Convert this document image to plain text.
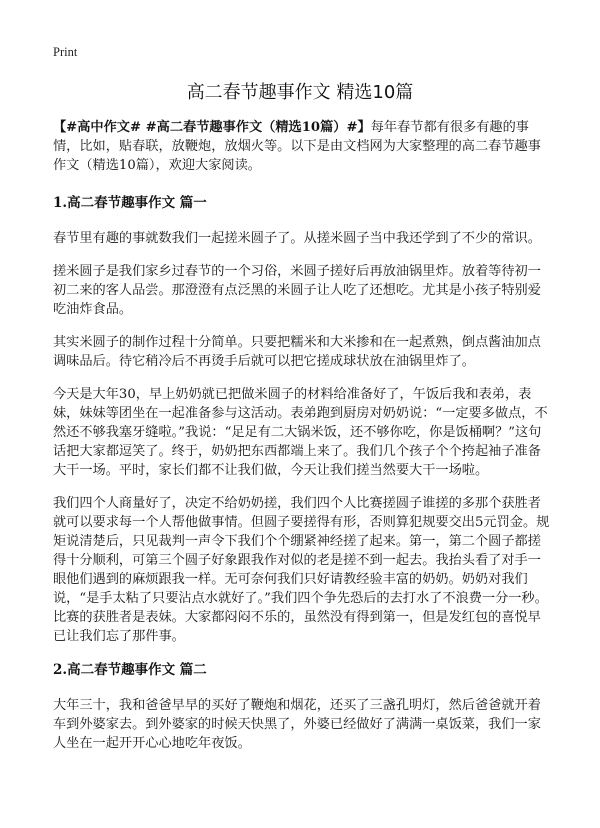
Print
高二春节趣事作文 精选10篇

【#高中作文# #高二春节趣事作文（精选10篇）#】每年春节都有很多有趣的事情，比如，贴春联，放鞭炮，放烟火等。以下是由文档网为大家整理的高二春节趣事作文（精选10篇），欢迎大家阅读。

1.高二春节趣事作文 篇一

春节里有趣的事就数我们一起搓米圆子了。从搓米圆子当中我还学到了不少的常识。

搓米圆子是我们家乡过春节的一个习俗，米圆子搓好后再放油锅里炸。放着等待初一初二来的客人品尝。那澄澄有点泛黑的米圆子让人吃了还想吃。尤其是小孩子特别爱吃油炸食品。

其实米圆子的制作过程十分简单。只要把糯米和大米掺和在一起煮熟，倒点酱油加点调味品后。待它稍冷后不再烫手后就可以把它搓成球状放在油锅里炸了。

今天是大年30，早上奶奶就已把做米圆子的材料给准备好了，午饭后我和表弟，表妹，妹妹等团坐在一起准备参与这活动。表弟跑到厨房对奶奶说：“一定要多做点，不然还不够我塞牙缝啦。”我说：“足足有二大锅米饭，还不够你吃，你是饭桶啊？”这句话把大家都逗笑了。终于，奶奶把东西都端上来了。我们几个孩子个个挎起袖子准备大干一场。平时，家长们都不让我们做，今天让我们搓当然要大干一场啦。

我们四个人商量好了，决定不给奶奶搓，我们四个人比赛搓圆子谁搓的多那个获胜者就可以要求每一个人帮他做事情。但圆子要搓得有形，否则算犯规要交出5元罚金。规矩说清楚后，只见裁判一声令下我们个个绷紧神经搓了起来。第一，第二个圆子都搓得十分顺利，可第三个圆子好象跟我作对似的老是搓不到一起去。我抬头看了对手一眼他们遇到的麻烦跟我一样。无可奈何我们只好请教经验丰富的奶奶。奶奶对我们说，“是手太粘了只要沾点水就好了。”我们四个争先恐后的去打水了不浪费一分一秒。比赛的获胜者是表妹。大家都闷闷不乐的，虽然没有得到第一，但是发红包的喜悦早已让我们忘了那件事。

2.高二春节趣事作文 篇二

大年三十，我和爸爸早早的买好了鞭炮和烟花，还买了三盏孔明灯，然后爸爸就开着车到外婆家去。到外婆家的时候天快黑了，外婆已经做好了满满一桌饭菜，我们一家人坐在一起开开心心地吃年夜饭。
